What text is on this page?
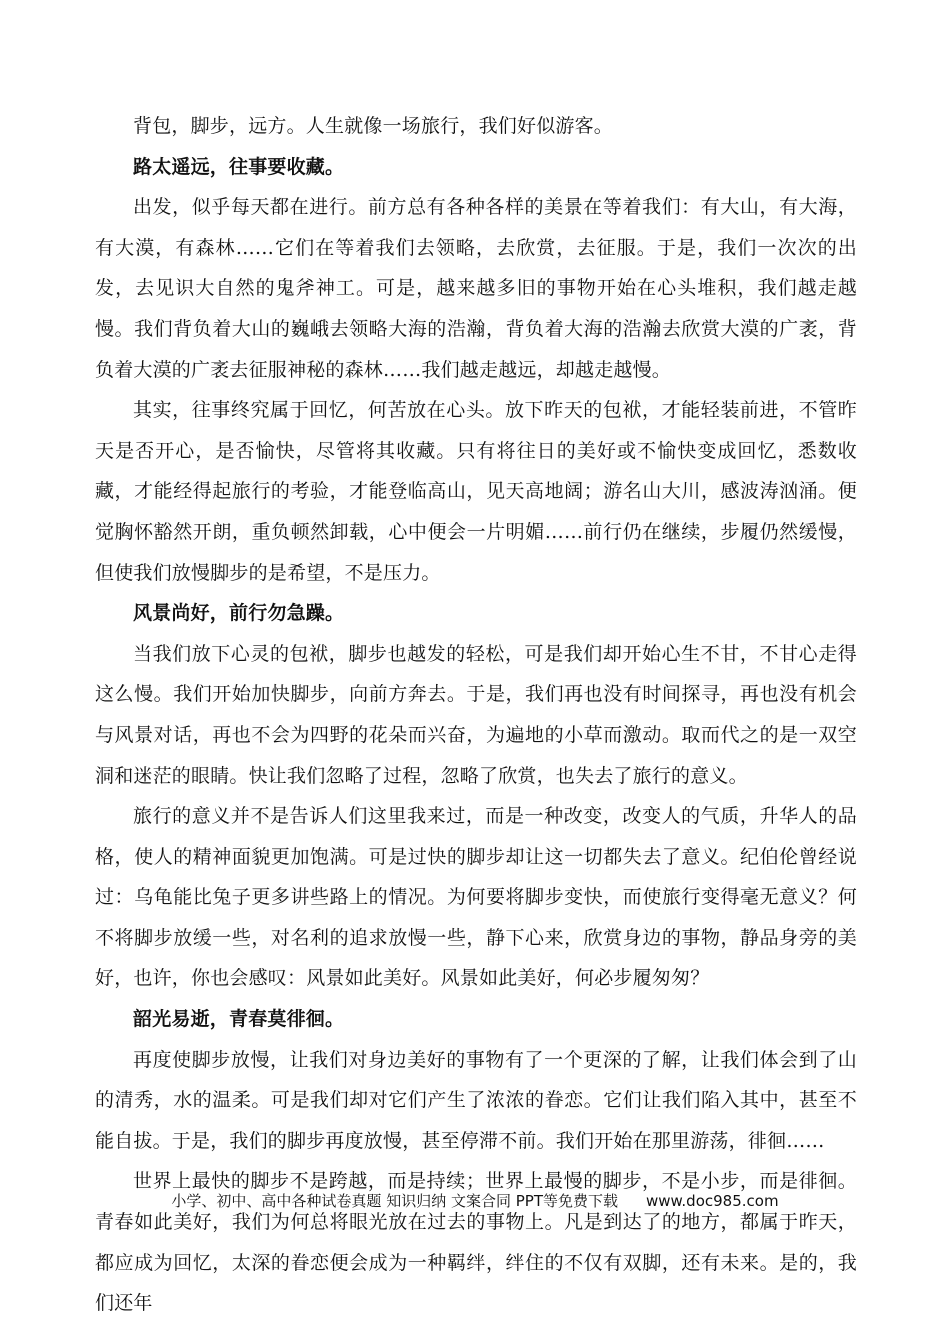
背包，脚步，远方。人生就像一场旅行，我们好似游客。

路太遥远，往事要收藏。

出发，似乎每天都在进行。前方总有各种各样的美景在等着我们：有大山，有大海，有大漠，有森林……它们在等着我们去领略，去欣赏，去征服。于是，我们一次次的出发，去见识大自然的鬼斧神工。可是，越来越多旧的事物开始在心头堆积，我们越走越慢。我们背负着大山的巍峨去领略大海的浩瀚，背负着大海的浩瀚去欣赏大漠的广袤，背负着大漠的广袤去征服神秘的森林……我们越走越远，却越走越慢。

其实，往事终究属于回忆，何苦放在心头。放下昨天的包袱，才能轻装前进，不管昨天是否开心，是否愉快，尽管将其收藏。只有将往日的美好或不愉快变成回忆，悉数收藏，才能经得起旅行的考验，才能登临高山，见天高地阔；游名山大川，感波涛汹涌。便觉胸怀豁然开朗，重负顿然卸载，心中便会一片明媚……前行仍在继续，步履仍然缓慢，但使我们放慢脚步的是希望，不是压力。

风景尚好，前行勿急躁。

当我们放下心灵的包袱，脚步也越发的轻松，可是我们却开始心生不甘，不甘心走得这么慢。我们开始加快脚步，向前方奔去。于是，我们再也没有时间探寻，再也没有机会与风景对话，再也不会为四野的花朵而兴奋，为遍地的小草而激动。取而代之的是一双空洞和迷茫的眼睛。快让我们忽略了过程，忽略了欣赏，也失去了旅行的意义。

旅行的意义并不是告诉人们这里我来过，而是一种改变，改变人的气质，升华人的品格，使人的精神面貌更加饱满。可是过快的脚步却让这一切都失去了意义。纪伯伦曾经说过：乌龟能比兔子更多讲些路上的情况。为何要将脚步变快，而使旅行变得毫无意义？何不将脚步放缓一些，对名利的追求放慢一些，静下心来，欣赏身边的事物，静品身旁的美好，也许，你也会感叹：风景如此美好。风景如此美好，何必步履匆匆？

韶光易逝，青春莫徘徊。

再度使脚步放慢，让我们对身边美好的事物有了一个更深的了解，让我们体会到了山的清秀，水的温柔。可是我们却对它们产生了浓浓的眷恋。它们让我们陷入其中，甚至不能自拔。于是，我们的脚步再度放慢，甚至停滞不前。我们开始在那里游荡，徘徊……

世界上最快的脚步不是跨越，而是持续；世界上最慢的脚步，不是小步，而是徘徊。青春如此美好，我们为何总将眼光放在过去的事物上。凡是到达了的地方，都属于昨天，都应成为回忆，太深的眷恋便会成为一种羁绊，绊住的不仅有双脚，还有未来。是的，我们还年

小学、初中、高中各种试卷真题 知识归纳 文案合同 PPT等免费下载 www.doc985.com
